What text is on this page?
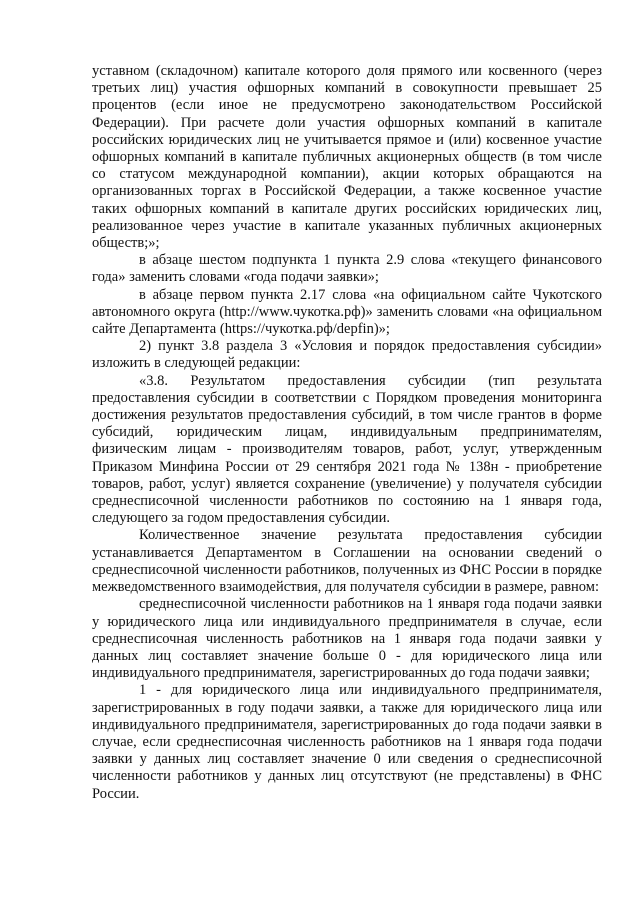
уставном (складочном) капитале которого доля прямого или косвенного (через третьих лиц) участия офшорных компаний в совокупности превышает 25 процентов (если иное не предусмотрено законодательством Российской Федерации). При расчете доли участия офшорных компаний в капитале российских юридических лиц не учитывается прямое и (или) косвенное участие офшорных компаний в капитале публичных акционерных обществ (в том числе со статусом международной компании), акции которых обращаются на организованных торгах в Российской Федерации, а также косвенное участие таких офшорных компаний в капитале других российских юридических лиц, реализованное через участие в капитале указанных публичных акционерных обществ;»;

в абзаце шестом подпункта 1 пункта 2.9 слова «текущего финансового года» заменить словами «года подачи заявки»;

в абзаце первом пункта 2.17 слова «на официальном сайте Чукотского автономного округа (http://www.чукотка.рф)» заменить словами «на официальном сайте Департамента (https://чукотка.рф/depfin)»;

2) пункт 3.8 раздела 3 «Условия и порядок предоставления субсидии» изложить в следующей редакции:

«3.8. Результатом предоставления субсидии (тип результата предоставления субсидии в соответствии с Порядком проведения мониторинга достижения результатов предоставления субсидий, в том числе грантов в форме субсидий, юридическим лицам, индивидуальным предпринимателям, физическим лицам - производителям товаров, работ, услуг, утвержденным Приказом Минфина России от 29 сентября 2021 года № 138н - приобретение товаров, работ, услуг) является сохранение (увеличение) у получателя субсидии среднесписочной численности работников по состоянию на 1 января года, следующего за годом предоставления субсидии.

Количественное значение результата предоставления субсидии устанавливается Департаментом в Соглашении на основании сведений о среднесписочной численности работников, полученных из ФНС России в порядке межведомственного взаимодействия, для получателя субсидии в размере, равном:

среднесписочной численности работников на 1 января года подачи заявки у юридического лица или индивидуального предпринимателя в случае, если среднесписочная численность работников на 1 января года подачи заявки у данных лиц составляет значение больше 0 - для юридического лица или индивидуального предпринимателя, зарегистрированных до года подачи заявки;

1 - для юридического лица или индивидуального предпринимателя, зарегистрированных в году подачи заявки, а также для юридического лица или индивидуального предпринимателя, зарегистрированных до года подачи заявки в случае, если среднесписочная численность работников на 1 января года подачи заявки у данных лиц составляет значение 0 или сведения о среднесписочной численности работников у данных лиц отсутствуют (не представлены) в ФНС России.
